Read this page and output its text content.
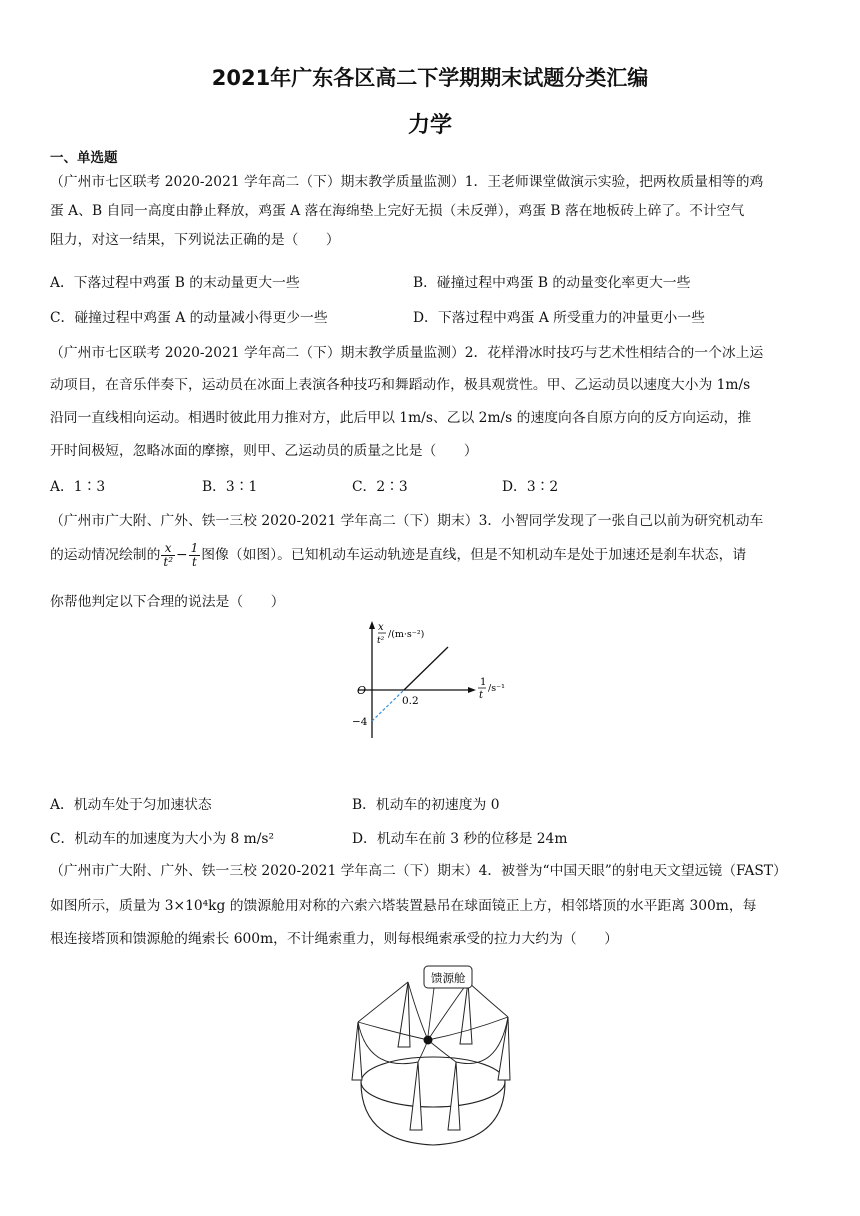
2021年广东各区高二下学期期末试题分类汇编
力学
一、单选题
（广州市七区联考 2020-2021 学年高二（下）期末教学质量监测）1．王老师课堂做演示实验，把两枚质量相等的鸡
蛋 A、B 自同一高度由静止释放，鸡蛋 A 落在海绵垫上完好无损（未反弹），鸡蛋 B 落在地板砖上碎了。不计空气
阻力，对这一结果，下列说法正确的是（　　）
A．下落过程中鸡蛋 B 的末动量更大一些	B．碰撞过程中鸡蛋 B 的动量变化率更大一些
C．碰撞过程中鸡蛋 A 的动量减小得更少一些	D．下落过程中鸡蛋 A 所受重力的冲量更小一些
（广州市七区联考 2020-2021 学年高二（下）期末教学质量监测）2．花样滑冰时技巧与艺术性相结合的一个冰上运
动项目，在音乐伴奏下，运动员在冰面上表演各种技巧和舞蹈动作，极具观赏性。甲、乙运动员以速度大小为 1m/s
沿同一直线相向运动。相遇时彼此用力推对方，此后甲以 1m/s、乙以 2m/s 的速度向各自原方向的反方向运动，推
开时间极短，忽略冰面的摩擦，则甲、乙运动员的质量之比是（　　）
A．1∶3	B．3∶1	C．2∶3	D．3∶2
（广州市广大附、广外、铁一三校 2020-2021 学年高二（下）期末）3．小智同学发现了一张自己以前为研究机动车
的运动情况绘制的 $\frac{x}{\text{t²}} - \frac{1}{t}$ 图像（如图）。已知机动车运动轨迹是直线，但是不知机动车是处于加速还是刹车状态，请
你帮他判定以下合理的说法是（　　）
x
t²
/(m·s⁻²)
1
t
/s⁻¹
O
0.2
−4
A．机动车处于匀加速状态	B．机动车的初速度为 0
C．机动车的加速度为大小为 8 m/s²	D．机动车在前 3 秒的位移是 24m
（广州市广大附、广外、铁一三校 2020-2021 学年高二（下）期末）4．被誉为“中国天眼”的射电天文望远镜（FAST）
如图所示，质量为 3×10⁴kg 的馈源舱用对称的六索六塔装置悬吊在球面镜正上方，相邻塔顶的水平距离 300m，每
根连接塔顶和馈源舱的绳索长 600m，不计绳索重力，则每根绳索承受的拉力大约为（　　）
馈源舱
